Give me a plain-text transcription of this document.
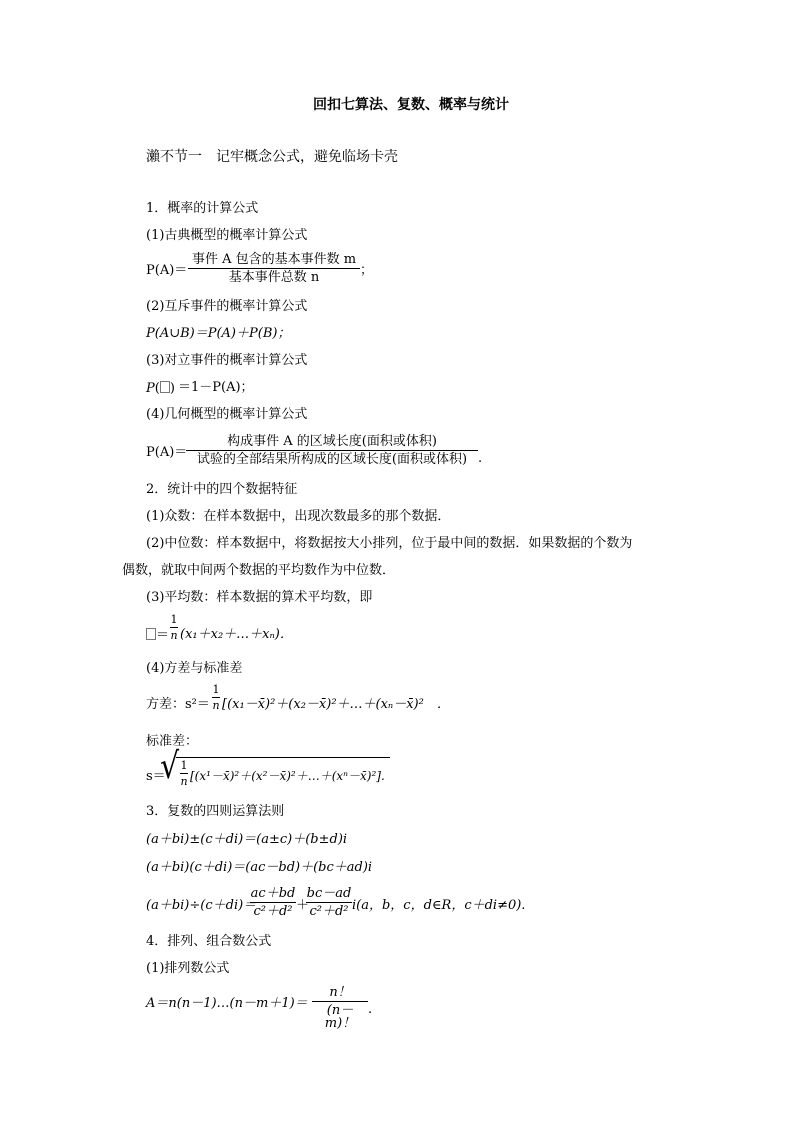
回扣七算法、复数、概率与统计
瀨不节一　记牢概念公式，避免临场卡壳
1．概率的计算公式
(1)古典概型的概率计算公式
P(A)＝
事件 A 包含的基本事件数 m
基本事件总数 n	；
(2)互斥事件的概率计算公式
P(A∪B)＝P(A)＋P(B)；
(3)对立事件的概率计算公式
P( ) ＝1－P(A)；
(4)几何概型的概率计算公式
P(A)＝
构成事件 A 的区域长度(面积或体积)
试验的全部结果所构成的区域长度(面积或体积) .
2．统计中的四个数据特征
(1)众数：在样本数据中，出现次数最多的那个数据．
(2)中位数：样本数据中，将数据按大小排列，位于最中间的数据．如果数据的个数为
偶数，就取中间两个数据的平均数作为中位数．
(3)平均数：样本数据的算术平均数，即
＝
1
n (x₁＋x₂＋…＋xₙ)．
(4)方差与标准差
方差：s²＝
1
n [(x₁－x̄)²＋(x₂－x̄)²＋…＋(xₙ－x̄)²　．
标准差：
s＝
√ 1
n [(x¹－x̄)²＋(x²－x̄)²＋…＋(xⁿ－x̄)²].
3．复数的四则运算法则
(a＋bi)±(c＋di)＝(a±c)＋(b±d)i
(a＋bi)(c＋di)＝(ac－bd)＋(bc＋ad)i
(a＋bi)÷(c＋di)＝
ac＋bd
c²＋d² ＋
bc－ad
c²＋d² i(a，b，c，d∈R，c＋di≠0).
4．排列、组合数公式
(1)排列数公式
A＝n(n－1)…(n－m＋1)＝
n！
(n－m)！
.
